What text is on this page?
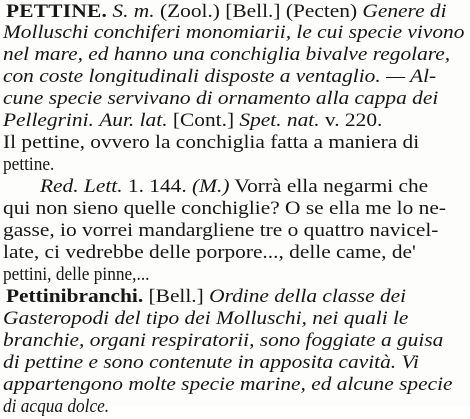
PETTINE. S. m. (Zool.) [Bell.] (Pecten) Genere di
Molluschi conchiferi monomiarii, le cui specie vivono
nel mare, ed hanno una conchiglia bivalve regolare,
con coste longitudinali disposte a ventaglio. — Al-
cune specie servivano di ornamento alla cappa dei
Pellegrini. Aur. lat. [Cont.] Spet. nat. v. 220.
Il pettine, ovvero la conchiglia fatta a maniera di
pettine.
Red. Lett. 1. 144. (M.) Vorrà ella negarmi che
qui non sieno quelle conchiglie? O se ella me lo ne-
gasse, io vorrei mandargliene tre o quattro navicel-
late, ci vedrebbe delle porpore..., delle came, de'
pettini, delle pinne,...
Pettinibranchi. [Bell.] Ordine della classe dei
Gasteropodi del tipo dei Molluschi, nei quali le
branchie, organi respiratorii, sono foggiate a guisa
di pettine e sono contenute in apposita cavità. Vi
appartengono molte specie marine, ed alcune specie
di acqua dolce.
